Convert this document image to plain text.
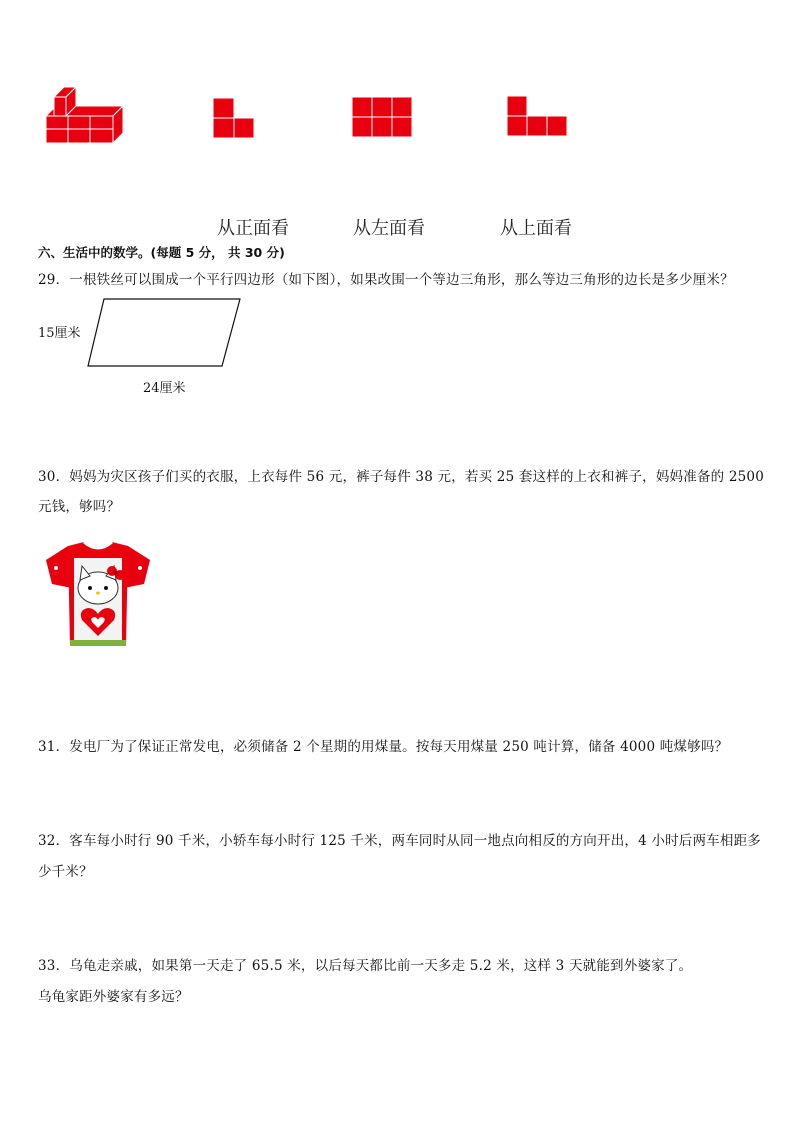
从正面看	从左面看	从上面看
六、生活中的数学。(每题 5 分， 共 30 分)
29．一根铁丝可以围成一个平行四边形（如下图），如果改围一个等边三角形，那么等边三角形的边长是多少厘米？
15厘米
24厘米
30．妈妈为灾区孩子们买的衣服，上衣每件 56 元，裤子每件 38 元，若买 25 套这样的上衣和裤子，妈妈准备的 2500
元钱，够吗？
31．发电厂为了保证正常发电，必须储备 2 个星期的用煤量。按每天用煤量 250 吨计算，储备 4000 吨煤够吗？
32．客车每小时行 90 千米，小轿车每小时行 125 千米，两车同时从同一地点向相反的方向开出，4 小时后两车相距多
少千米？
33．乌龟走亲戚，如果第一天走了 65.5 米，以后每天都比前一天多走 5.2 米，这样 3 天就能到外婆家了。
乌龟家距外婆家有多远？
